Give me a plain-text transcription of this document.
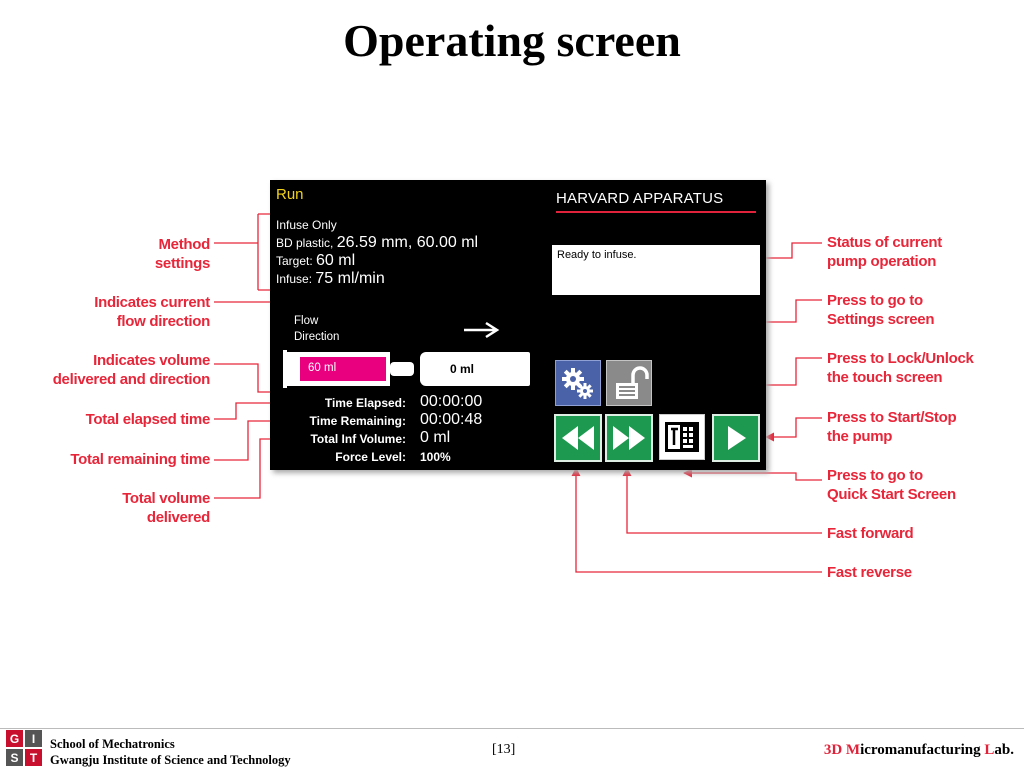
Operating screen
Method
settings
Indicates current
flow direction
Indicates volume
delivered and direction
Total elapsed time
Total remaining time
Total volume
delivered
Status of current
pump operation
Press to go to
Settings screen
Press to Lock/Unlock
the touch screen
Press to Start/Stop
the pump
Press to go to
Quick Start Screen
Fast forward
Fast reverse
Run	HARVARD APPARATUS
Infuse Only
BD plastic, 26.59 mm, 60.00 ml
Target: 60 ml
Infuse: 75 ml/min
Ready to infuse.
Flow
Direction
60 ml	0 ml
Time Elapsed: 00:00:00
Time Remaining: 00:00:48
Total Inf Volume: 0 ml
Force Level: 100%
G I
S T
School of Mechatronics
Gwangju Institute of Science and Technology
[13]	3D Micromanufacturing Lab.
